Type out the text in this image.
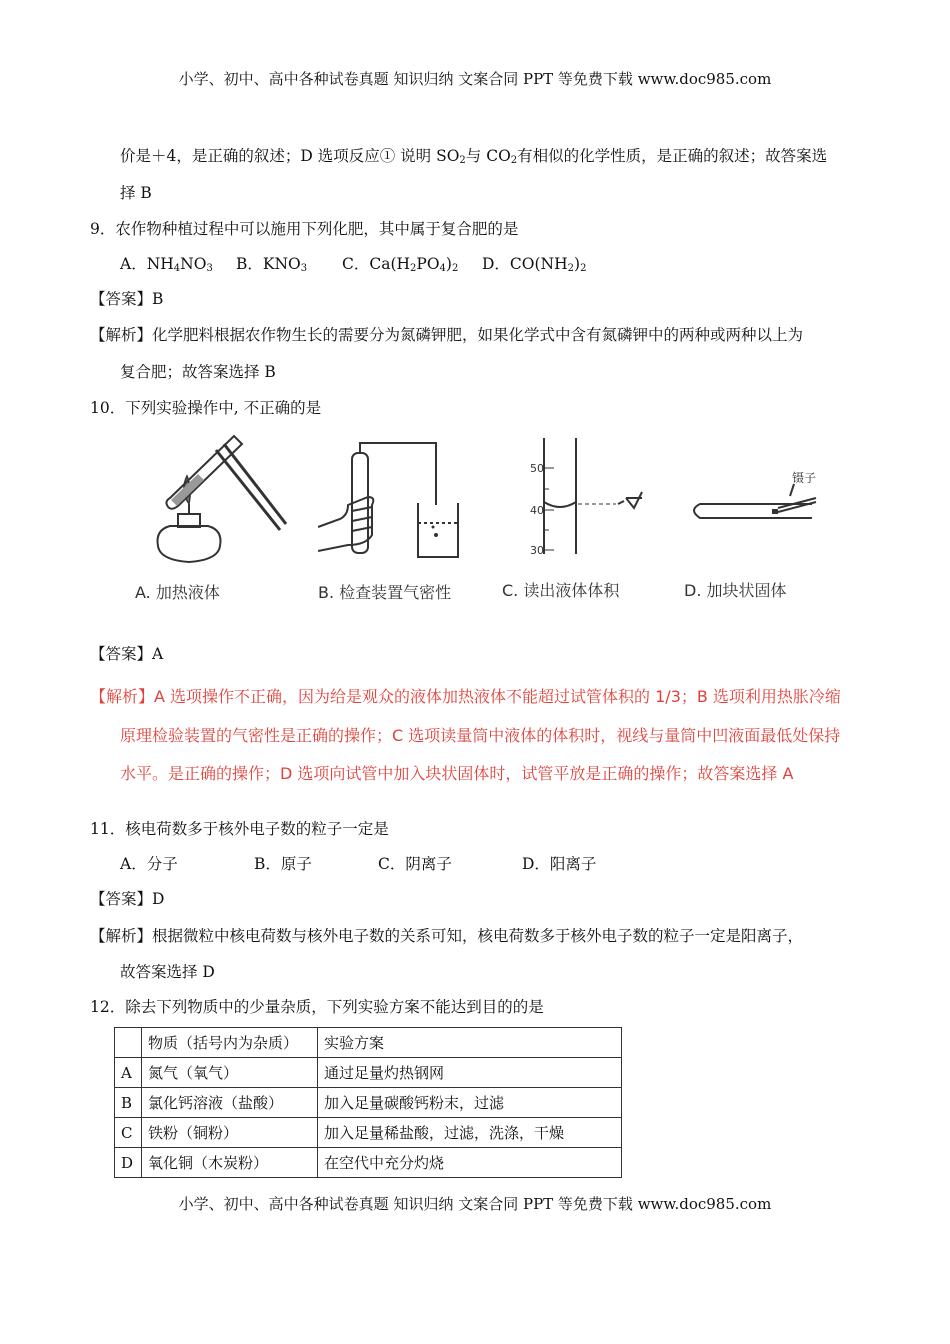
小学、初中、高中各种试卷真题 知识归纳 文案合同 PPT 等免费下载 www.doc985.com
价是＋4，是正确的叙述；D 选项反应① 说明 $SO_2$与 $CO_2$有相似的化学性质，是正确的叙述；故答案选
择 B
9．农作物种植过程中可以施用下列化肥，其中属于复合肥的是
A．$NH_4NO_3$ B．$KNO_3$ C．$Ca(H_2PO_4)_2$ D．$CO(NH_2)_2$
【答案】B
【解析】化学肥料根据农作物生长的需要分为氮磷钾肥，如果化学式中含有氮磷钾中的两种或两种以上为
复合肥；故答案选择 B
10．下列实验操作中, 不正确的是
50
40
30
镊子
A. 加热液体	B. 检查装置气密性	C. 读出液体体积	D. 加块状固体
【答案】A
【解析】A 选项操作不正确，因为给是观众的液体加热液体不能超过试管体积的 1/3；B 选项利用热胀冷缩
原理检验装置的气密性是正确的操作；C 选项读量筒中液体的体积时，视线与量筒中凹液面最低处保持
水平。是正确的操作；D 选项向试管中加入块状固体时，试管平放是正确的操作；故答案选择 A
11．核电荷数多于核外电子数的粒子一定是
A．分子	B．原子	C．阴离子	D．阳离子
【答案】D
【解析】根据微粒中核电荷数与核外电子数的关系可知，核电荷数多于核外电子数的粒子一定是阳离子，
故答案选择 D
12．除去下列物质中的少量杂质，下列实验方案不能达到目的的是
	物质（括号内为杂质）	实验方案
A	氮气（氧气）	通过足量灼热钢网
B	氯化钙溶液（盐酸）	加入足量碳酸钙粉末，过滤
C	铁粉（铜粉）	加入足量稀盐酸，过滤，洗涤，干燥
D	氧化铜（木炭粉）	在空代中充分灼烧
小学、初中、高中各种试卷真题 知识归纳 文案合同 PPT 等免费下载 www.doc985.com
